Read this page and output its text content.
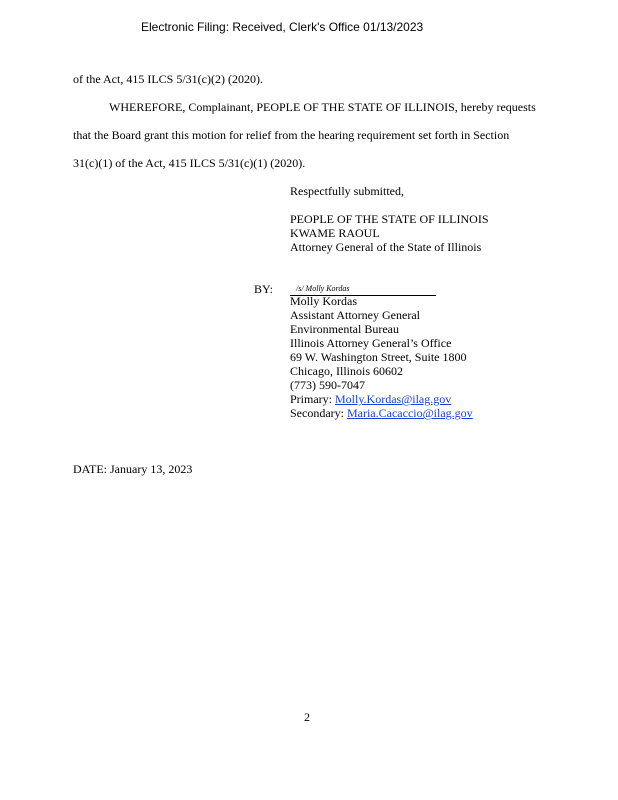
Electronic Filing: Received, Clerk's Office 01/13/2023
of the Act, 415 ILCS 5/31(c)(2) (2020).
WHEREFORE, Complainant, PEOPLE OF THE STATE OF ILLINOIS, hereby requests
that the Board grant this motion for relief from the hearing requirement set forth in Section
31(c)(1) of the Act, 415 ILCS 5/31(c)(1) (2020).
Respectfully submitted,
PEOPLE OF THE STATE OF ILLINOIS
KWAME RAOUL
Attorney General of the State of Illinois
BY:	/s/ Molly Kordas
Molly Kordas
Assistant Attorney General
Environmental Bureau
Illinois Attorney General’s Office
69 W. Washington Street, Suite 1800
Chicago, Illinois 60602
(773) 590-7047
Primary: Molly.Kordas@ilag.gov
Secondary: Maria.Cacaccio@ilag.gov
DATE: January 13, 2023
2
